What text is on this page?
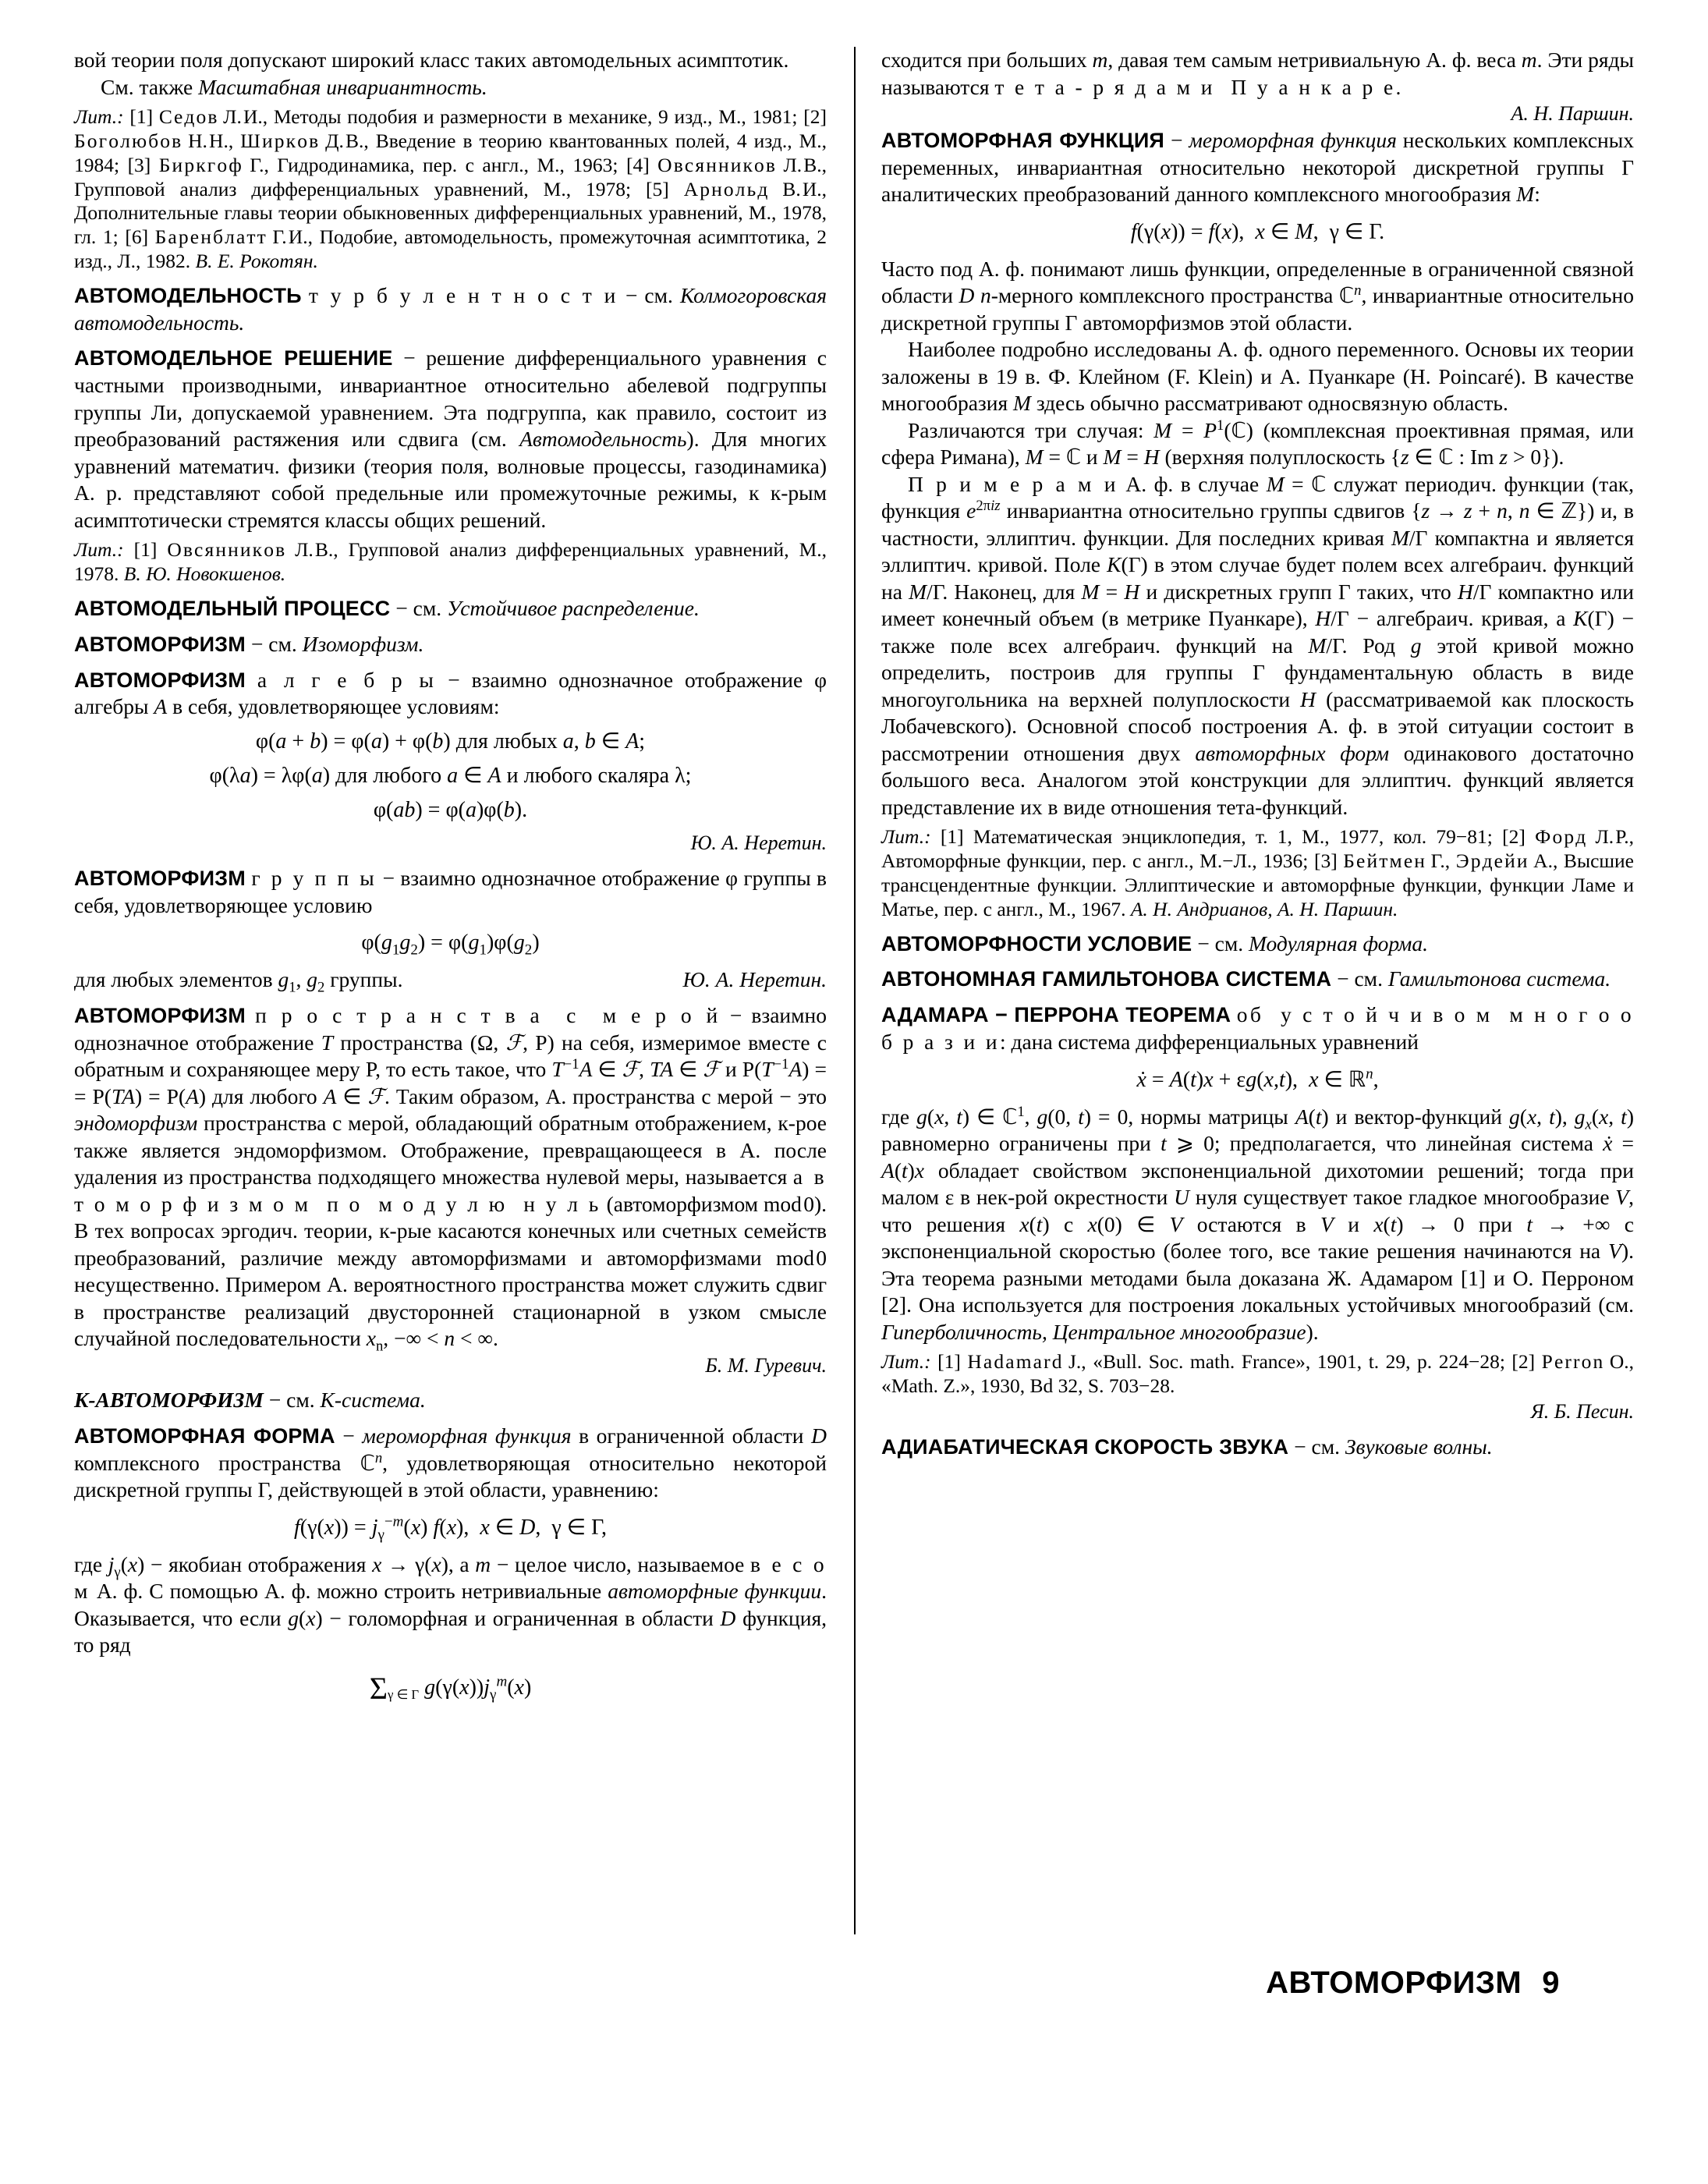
вой теории поля допускают широкий класс таких автомодельных асимптотик.

См. также Масштабная инвариантность.

Лит.: [1] С е д о в Л. И., Методы подобия и размерности в механике, 9 изд., М., 1981; [2] Б о г о л ю б о в Н. Н., Ш и р к о в Д. В., Введение в теорию квантованных полей, 4 изд., М., 1984; [3] Б и р к г о ф Г., Гидродинамика, пер. с англ., М., 1963; [4] О в с я н н и к о в Л. В., Групповой анализ дифференциальных уравнений, М., 1978; [5] А р н о л ь д В. И., Дополнительные главы теории обыкновенных дифференциальных уравнений, М., 1978, гл. 1; [6] Б а р е н б л а т т Г. И., Подобие, автомодельность, промежуточная асимптотика, 2 изд., Л., 1982. В. Е. Рокотян.

АВТОМОДЕЛЬНОСТЬ т у р б у л е н т н о с т и − см. Колмогоровская автомодельность.

АВТОМОДЕЛЬНОЕ РЕШЕНИЕ − решение дифференциального уравнения с частными производными, инвариантное относительно абелевой подгруппы группы Ли, допускаемой уравнением. Эта подгруппа, как правило, состоит из преобразований растяжения или сдвига (см. Автомодельность). Для многих уравнений математич. физики (теория поля, волновые процессы, газодинамика) А. р. представляют собой предельные или промежуточные режимы, к к-рым асимптотически стремятся классы общих решений.

Лит.: [1] О в с я н н и к о в Л. В., Групповой анализ дифференциальных уравнений, М., 1978. В. Ю. Новокшенов.

АВТОМОДЕЛЬНЫЙ ПРОЦЕСС − см. Устойчивое распределение.

АВТОМОРФИЗМ − см. Изоморфизм.

АВТОМОРФИЗМ а л г е б р ы − взаимно однозначное отображение φ алгебры A в себя, удовлетворяющее условиям:

φ(a + b) = φ(a) + φ(b) для любых a, b ∈ A;
φ(λa) = λφ(a) для любого a ∈ A и любого скаляра λ;
φ(ab) = φ(a)φ(b).

Ю. А. Неретин.

АВТОМОРФИЗМ г р у п п ы − взаимно однозначное отображение φ группы в себя, удовлетворяющее условию

$\varphi(g_1g_2) = \varphi(g_1)\varphi(g_2)$

для любых элементов $g_1$, $g_2$ группы.	Ю. А. Неретин.

АВТОМОРФИЗМ п р о с т р а н с т в а  с  м е р о й − взаимно однозначное отображение T пространства (Ω, ℱ, P) на себя, измеримое вместе с обратным и сохраняющее меру P, то есть такое, что $T^{-1}A$ ∈ ℱ, TA ∈ ℱ и $P(T^{-1}A)$ = = P(TA) = P(A) для любого A ∈ ℱ. Таким образом, А. пространства с мерой − это эндоморфизм пространства с мерой, обладающий обратным отображением, к-рое также является эндоморфизмом. Отображение, превращающееся в А. после удаления из пространства подходящего множества нулевой меры, называется а в т о м о р ф и з м о м  п о  м о д у л ю  н у л ь (автоморфизмом mod 0). В тех вопросах эргодич. теории, к-рые касаются конечных или счетных семейств преобразований, различие между автоморфизмами и автоморфизмами mod 0 несущественно. Примером А. вероятностного пространства может служить сдвиг в пространстве реализаций двусторонней стационарной в узком смысле случайной последовательности $x_n$, −∞ < n < ∞.

Б. М. Гуревич.

K-АВТОМОРФИЗМ − см. K-система.

АВТОМОРФНАЯ ФОРМА − мероморфная функция в ограниченной области D комплексного пространства ℂ$^n$, удовлетворяющая относительно некоторой дискретной группы Γ, действующей в этой области, уравнению:

$f(\gamma(x)) = j_\gamma^{-m}(x)$ f(x),  x ∈ D,  γ ∈ Γ,

где $j_\gamma(x)$ − якобиан отображения x → γ(x), а m − целое число, называемое в е с о м А. ф. С помощью А. ф. можно строить нетривиальные автоморфные функции. Оказывается, что если g(x) − голоморфная и ограниченная в области D функция, то ряд

$\Sigma_{\gamma \in \Gamma}$ $g(\gamma(x))j_\gamma^m(x)$

сходится при больших m, давая тем самым нетривиальную А. ф. веса m. Эти ряды называются т е т а - р я д а м и  П у а н к а р е.

А. Н. Паршин.

АВТОМОРФНАЯ ФУНКЦИЯ − мероморфная функция нескольких комплексных переменных, инвариантная относительно некоторой дискретной группы Γ аналитических преобразований данного комплексного многообразия M:

f(γ(x)) = f(x),  x ∈ M,  γ ∈ Γ.

Часто под А. ф. понимают лишь функции, определенные в ограниченной связной области D n-мерного комплексного пространства ℂ$^n$, инвариантные относительно дискретной группы Γ автоморфизмов этой области.

Наиболее подробно исследованы А. ф. одного переменного. Основы их теории заложены в 19 в. Ф. Клейном (F. Klein) и А. Пуанкаре (H. Poincaré). В качестве многообразия M здесь обычно рассматривают односвязную область.

Различаются три случая: $M = P^1(ℂ)$ (комплексная проективная прямая, или сфера Римана), M = ℂ и M = H (верхняя полуплоскость {z ∈ ℂ : Im z > 0}).

П р и м е р а м и А. ф. в случае M = ℂ служат периодич. функции (так, функция $e^{2\pi iz}$ инвариантна относительно группы сдвигов {z → z + n, n ∈ ℤ}) и, в частности, эллиптич. функции. Для последних кривая M/Γ компактна и является эллиптич. кривой. Поле K(Γ) в этом случае будет полем всех алгебраич. функций на M/Γ. Наконец, для M = H и дискретных групп Γ таких, что H/Γ компактно или имеет конечный объем (в метрике Пуанкаре), H/Γ − алгебраич. кривая, а K(Γ) − также поле всех алгебраич. функций на M/Γ. Род g этой кривой можно определить, построив для группы Γ фундаментальную область в виде многоугольника на верхней полуплоскости H (рассматриваемой как плоскость Лобачевского). Основной способ построения А. ф. в этой ситуации состоит в рассмотрении отношения двух автоморфных форм одинакового достаточно большого веса. Аналогом этой конструкции для эллиптич. функций является представление их в виде отношения тета-функций.

Лит.: [1] Математическая энциклопедия, т. 1, М., 1977, кол. 79−81; [2] Ф о р д Л. Р., Автоморфные функции, пер. с англ., М.−Л., 1936; [3] Б е й т м е н Г., Э р д е й и А., Высшие трансцендентные функции. Эллиптические и автоморфные функции, функции Ламе и Матье, пер. с англ., М., 1967. А. Н. Андрианов, А. Н. Паршин.

АВТОМОРФНОСТИ УСЛОВИЕ − см. Модулярная форма.

АВТОНОМНАЯ ГАМИЛЬТОНОВА СИСТЕМА − см. Гамильтонова система.

АДАМАРА − ПЕРРОНА ТЕОРЕМА об  у с т о й ч и в о м  м н о г о о б р а з и и: дана система дифференциальных уравнений

ẋ = A(t)x + εg(x,t),  x ∈ ℝ$^n$,

где g(x, t) ∈ ℂ$^1$, g(0, t) = 0, нормы матрицы A(t) и вектор-функций g(x, t), $g_x(x$, t) равномерно ограничены при t ⩾ 0; предполагается, что линейная система ẋ = A(t)x обладает свойством экспоненциальной дихотомии решений; тогда при малом ε в нек-рой окрестности U нуля существует такое гладкое многообразие V, что решения x(t) с x(0) ∈ V остаются в V и x(t) → 0 при t → +∞ с экспоненциальной скоростью (более того, все такие решения начинаются на V). Эта теорема разными методами была доказана Ж. Адамаром [1] и О. Перроном [2]. Она используется для построения локальных устойчивых многообразий (см. Гиперболичность, Центральное многообразие).

Лит.: [1] H a d a m a r d J., «Bull. Soc. math. France», 1901, t. 29, p. 224−28; [2] P e r r o n O., «Math. Z.», 1930, Bd 32, S. 703−28.

Я. Б. Песин.

АДИАБАТИЧЕСКАЯ СКОРОСТЬ ЗВУКА − см. Звуковые волны.

АВТОМОРФИЗМ 9
